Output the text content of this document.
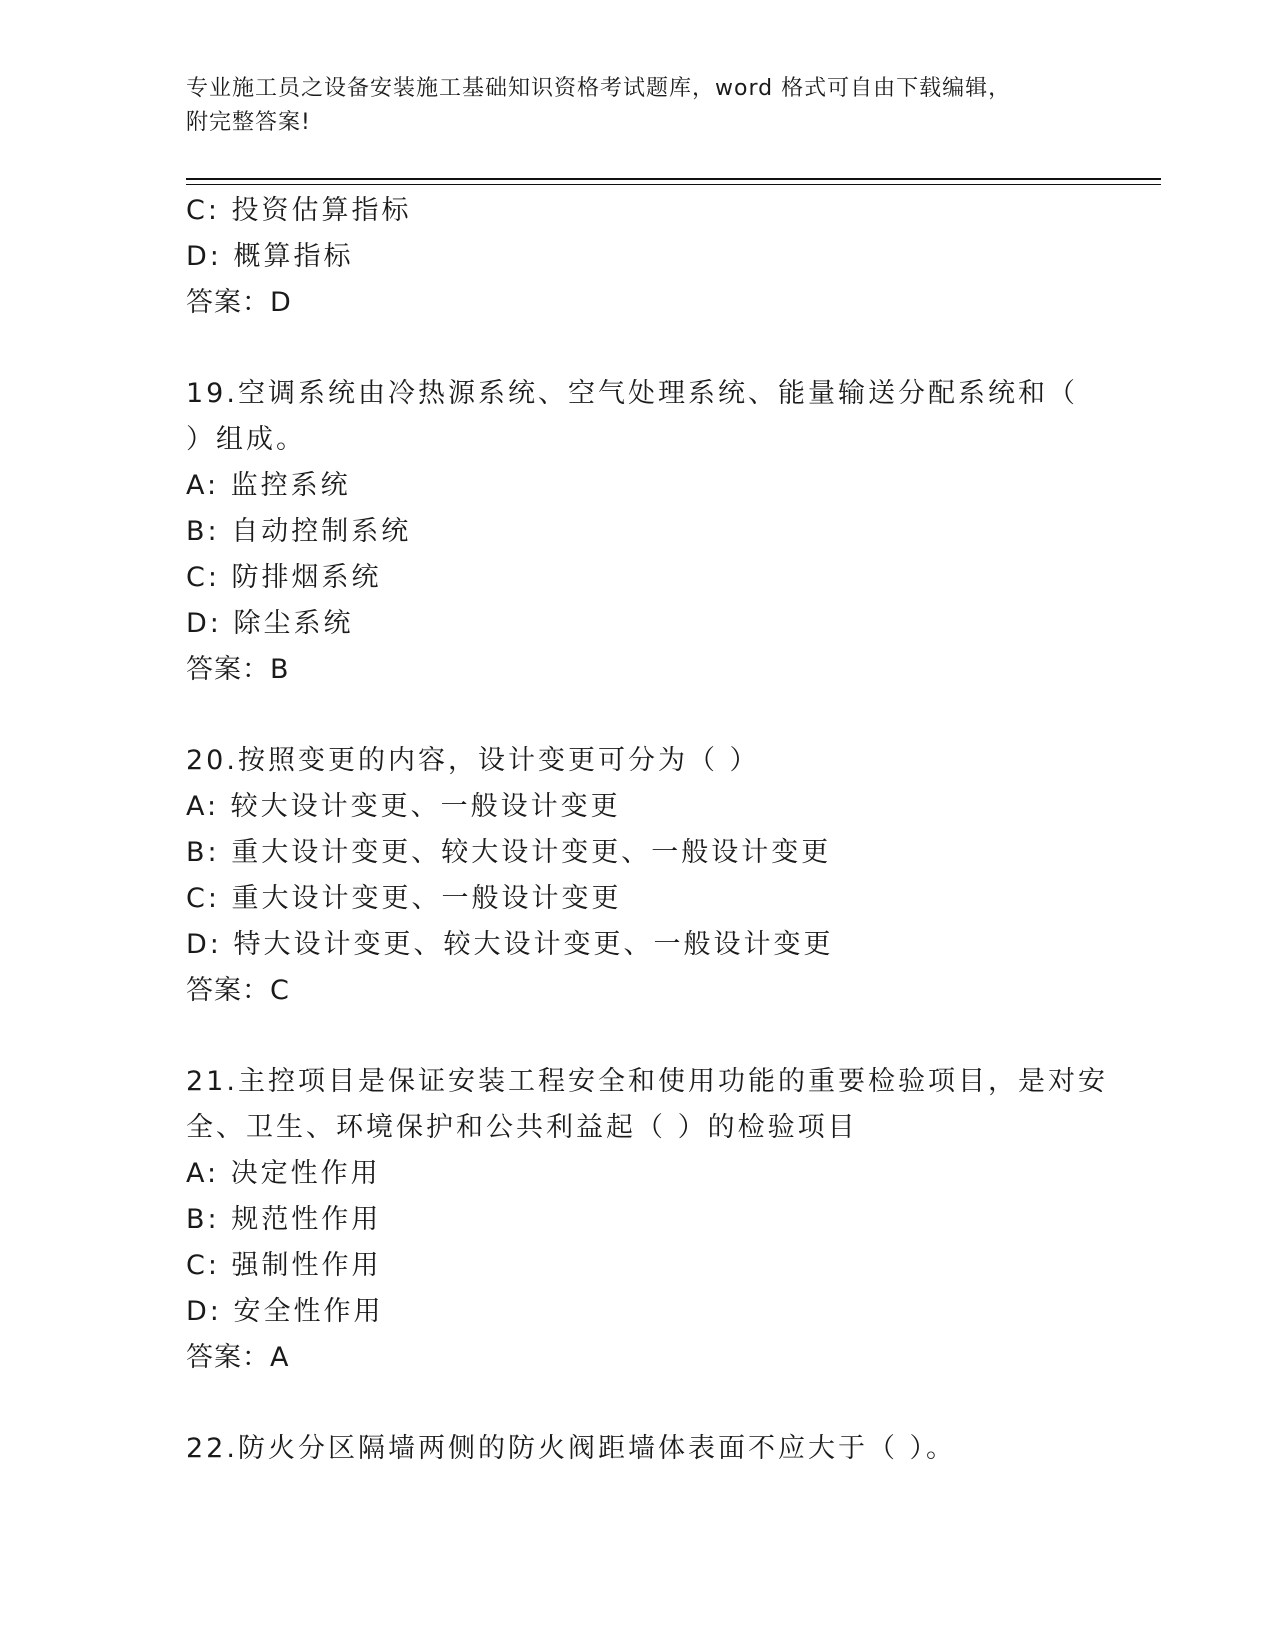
专业施工员之设备安装施工基础知识资格考试题库，word 格式可自由下载编辑，
附完整答案!
C: 投资估算指标
D: 概算指标
答案：D
19.空调系统由冷热源系统、空气处理系统、能量输送分配系统和（
）组成。
A: 监控系统
B: 自动控制系统
C: 防排烟系统
D: 除尘系统
答案：B
20.按照变更的内容，设计变更可分为（ ）
A: 较大设计变更、一般设计变更
B: 重大设计变更、较大设计变更、一般设计变更
C: 重大设计变更、一般设计变更
D: 特大设计变更、较大设计变更、一般设计变更
答案：C
21.主控项目是保证安装工程安全和使用功能的重要检验项目，是对安
全、卫生、环境保护和公共利益起（ ）的检验项目
A: 决定性作用
B: 规范性作用
C: 强制性作用
D: 安全性作用
答案：A
22.防火分区隔墙两侧的防火阀距墙体表面不应大于（ ）。
